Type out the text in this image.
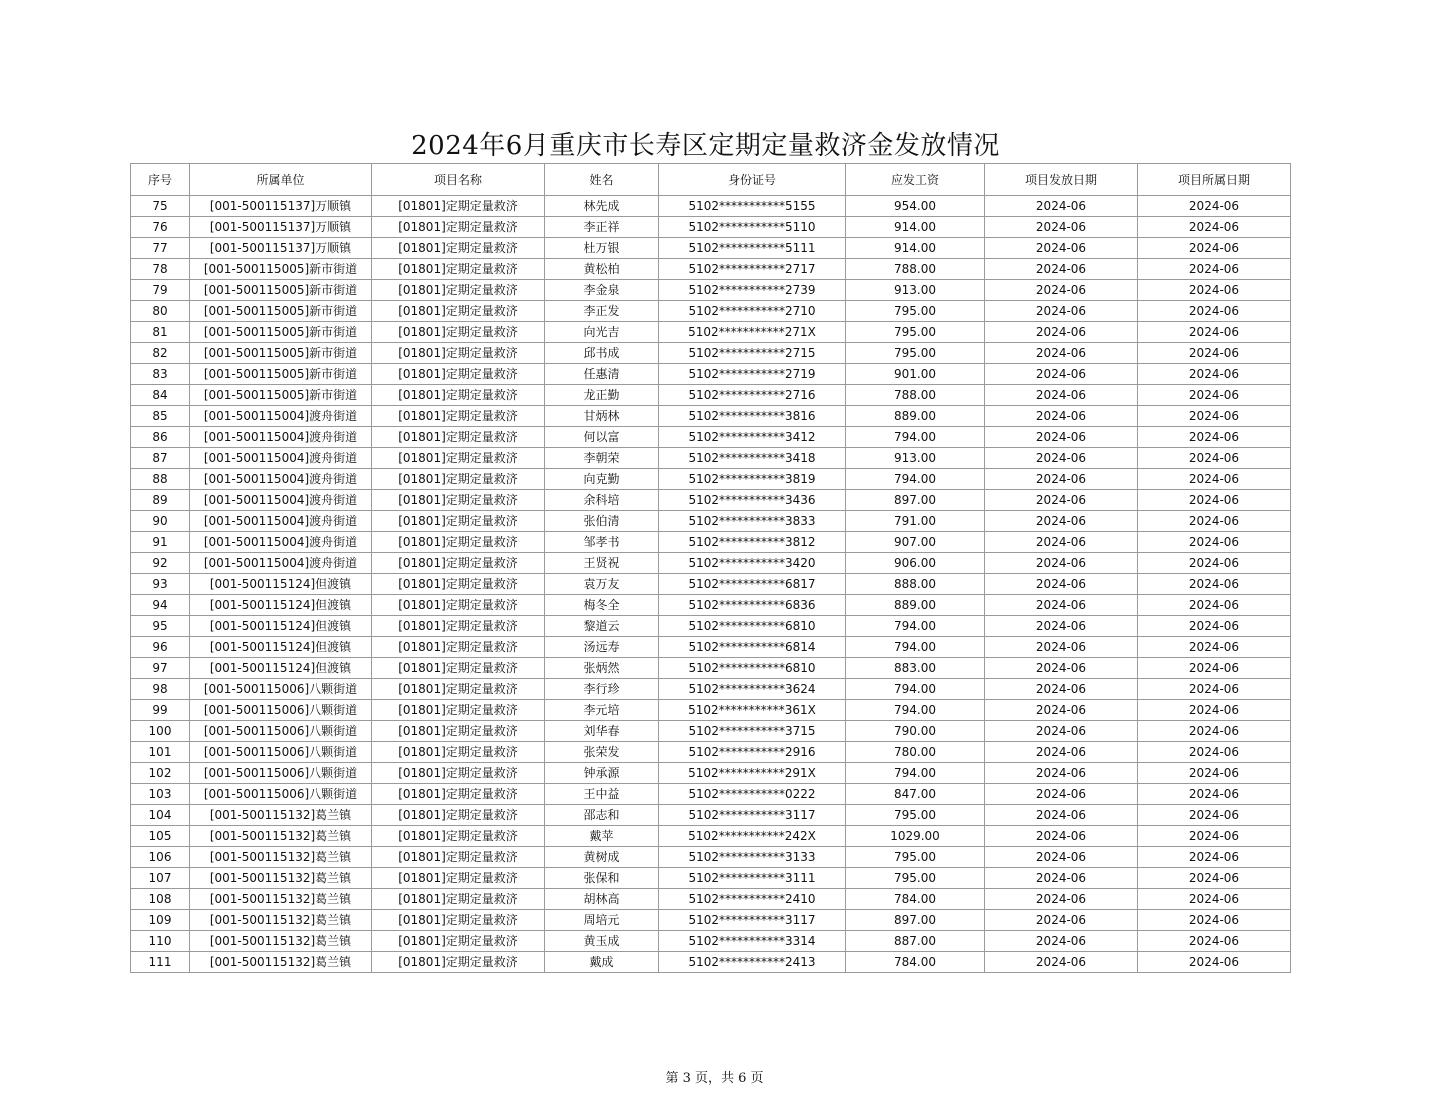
2024年6月重庆市长寿区定期定量救济金发放情况
序号	所属单位	项目名称	姓名	身份证号	应发工资	项目发放日期	项目所属日期
75	[001-500115137]万顺镇	[01801]定期定量救济	林先成	5102***********5155	954.00	2024-06	2024-06
76	[001-500115137]万顺镇	[01801]定期定量救济	李正祥	5102***********5110	914.00	2024-06	2024-06
77	[001-500115137]万顺镇	[01801]定期定量救济	杜万银	5102***********5111	914.00	2024-06	2024-06
78	[001-500115005]新市街道	[01801]定期定量救济	黄松柏	5102***********2717	788.00	2024-06	2024-06
79	[001-500115005]新市街道	[01801]定期定量救济	李金泉	5102***********2739	913.00	2024-06	2024-06
80	[001-500115005]新市街道	[01801]定期定量救济	李正发	5102***********2710	795.00	2024-06	2024-06
81	[001-500115005]新市街道	[01801]定期定量救济	向光吉	5102***********271X	795.00	2024-06	2024-06
82	[001-500115005]新市街道	[01801]定期定量救济	邱书成	5102***********2715	795.00	2024-06	2024-06
83	[001-500115005]新市街道	[01801]定期定量救济	任惠清	5102***********2719	901.00	2024-06	2024-06
84	[001-500115005]新市街道	[01801]定期定量救济	龙正勤	5102***********2716	788.00	2024-06	2024-06
85	[001-500115004]渡舟街道	[01801]定期定量救济	甘炳林	5102***********3816	889.00	2024-06	2024-06
86	[001-500115004]渡舟街道	[01801]定期定量救济	何以富	5102***********3412	794.00	2024-06	2024-06
87	[001-500115004]渡舟街道	[01801]定期定量救济	李朝荣	5102***********3418	913.00	2024-06	2024-06
88	[001-500115004]渡舟街道	[01801]定期定量救济	向克勤	5102***********3819	794.00	2024-06	2024-06
89	[001-500115004]渡舟街道	[01801]定期定量救济	余科培	5102***********3436	897.00	2024-06	2024-06
90	[001-500115004]渡舟街道	[01801]定期定量救济	张伯清	5102***********3833	791.00	2024-06	2024-06
91	[001-500115004]渡舟街道	[01801]定期定量救济	邹孝书	5102***********3812	907.00	2024-06	2024-06
92	[001-500115004]渡舟街道	[01801]定期定量救济	王贤祝	5102***********3420	906.00	2024-06	2024-06
93	[001-500115124]但渡镇	[01801]定期定量救济	袁万友	5102***********6817	888.00	2024-06	2024-06
94	[001-500115124]但渡镇	[01801]定期定量救济	梅冬全	5102***********6836	889.00	2024-06	2024-06
95	[001-500115124]但渡镇	[01801]定期定量救济	黎道云	5102***********6810	794.00	2024-06	2024-06
96	[001-500115124]但渡镇	[01801]定期定量救济	汤远寿	5102***********6814	794.00	2024-06	2024-06
97	[001-500115124]但渡镇	[01801]定期定量救济	张炳然	5102***********6810	883.00	2024-06	2024-06
98	[001-500115006]八颗街道	[01801]定期定量救济	李行珍	5102***********3624	794.00	2024-06	2024-06
99	[001-500115006]八颗街道	[01801]定期定量救济	李元培	5102***********361X	794.00	2024-06	2024-06
100	[001-500115006]八颗街道	[01801]定期定量救济	刘华春	5102***********3715	790.00	2024-06	2024-06
101	[001-500115006]八颗街道	[01801]定期定量救济	张荣发	5102***********2916	780.00	2024-06	2024-06
102	[001-500115006]八颗街道	[01801]定期定量救济	钟承源	5102***********291X	794.00	2024-06	2024-06
103	[001-500115006]八颗街道	[01801]定期定量救济	王中益	5102***********0222	847.00	2024-06	2024-06
104	[001-500115132]葛兰镇	[01801]定期定量救济	邵志和	5102***********3117	795.00	2024-06	2024-06
105	[001-500115132]葛兰镇	[01801]定期定量救济	戴苹	5102***********242X	1029.00	2024-06	2024-06
106	[001-500115132]葛兰镇	[01801]定期定量救济	黄树成	5102***********3133	795.00	2024-06	2024-06
107	[001-500115132]葛兰镇	[01801]定期定量救济	张保和	5102***********3111	795.00	2024-06	2024-06
108	[001-500115132]葛兰镇	[01801]定期定量救济	胡林高	5102***********2410	784.00	2024-06	2024-06
109	[001-500115132]葛兰镇	[01801]定期定量救济	周培元	5102***********3117	897.00	2024-06	2024-06
110	[001-500115132]葛兰镇	[01801]定期定量救济	黄玉成	5102***********3314	887.00	2024-06	2024-06
111	[001-500115132]葛兰镇	[01801]定期定量救济	戴成	5102***********2413	784.00	2024-06	2024-06
第 3 页，共 6 页
